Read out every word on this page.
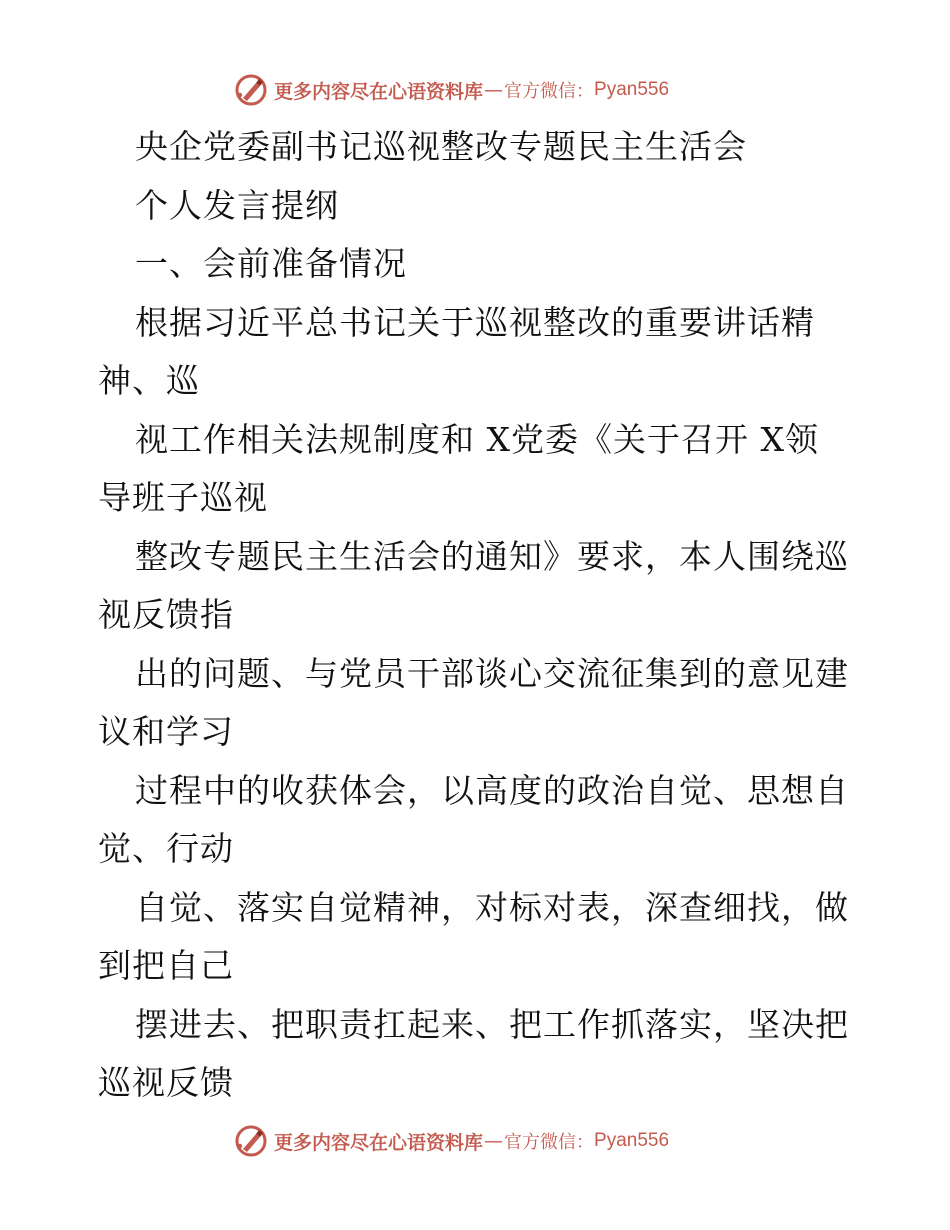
更多内容尽在心语资料库 — 官方微信： Pyan556
央企党委副书记巡视整改专题民主生活会
个人发言提纲
一、会前准备情况
根据习近平总书记关于巡视整改的重要讲话精
神、巡
视工作相关法规制度和 X党委《关于召开 X领
导班子巡视
整改专题民主生活会的通知》要求，本人围绕巡
视反馈指
出的问题、与党员干部谈心交流征集到的意见建
议和学习
过程中的收获体会，以高度的政治自觉、思想自
觉、行动
自觉、落实自觉精神，对标对表，深查细找，做
到把自己
摆进去、把职责扛起来、把工作抓落实，坚决把
巡视反馈
更多内容尽在心语资料库 — 官方微信： Pyan556
